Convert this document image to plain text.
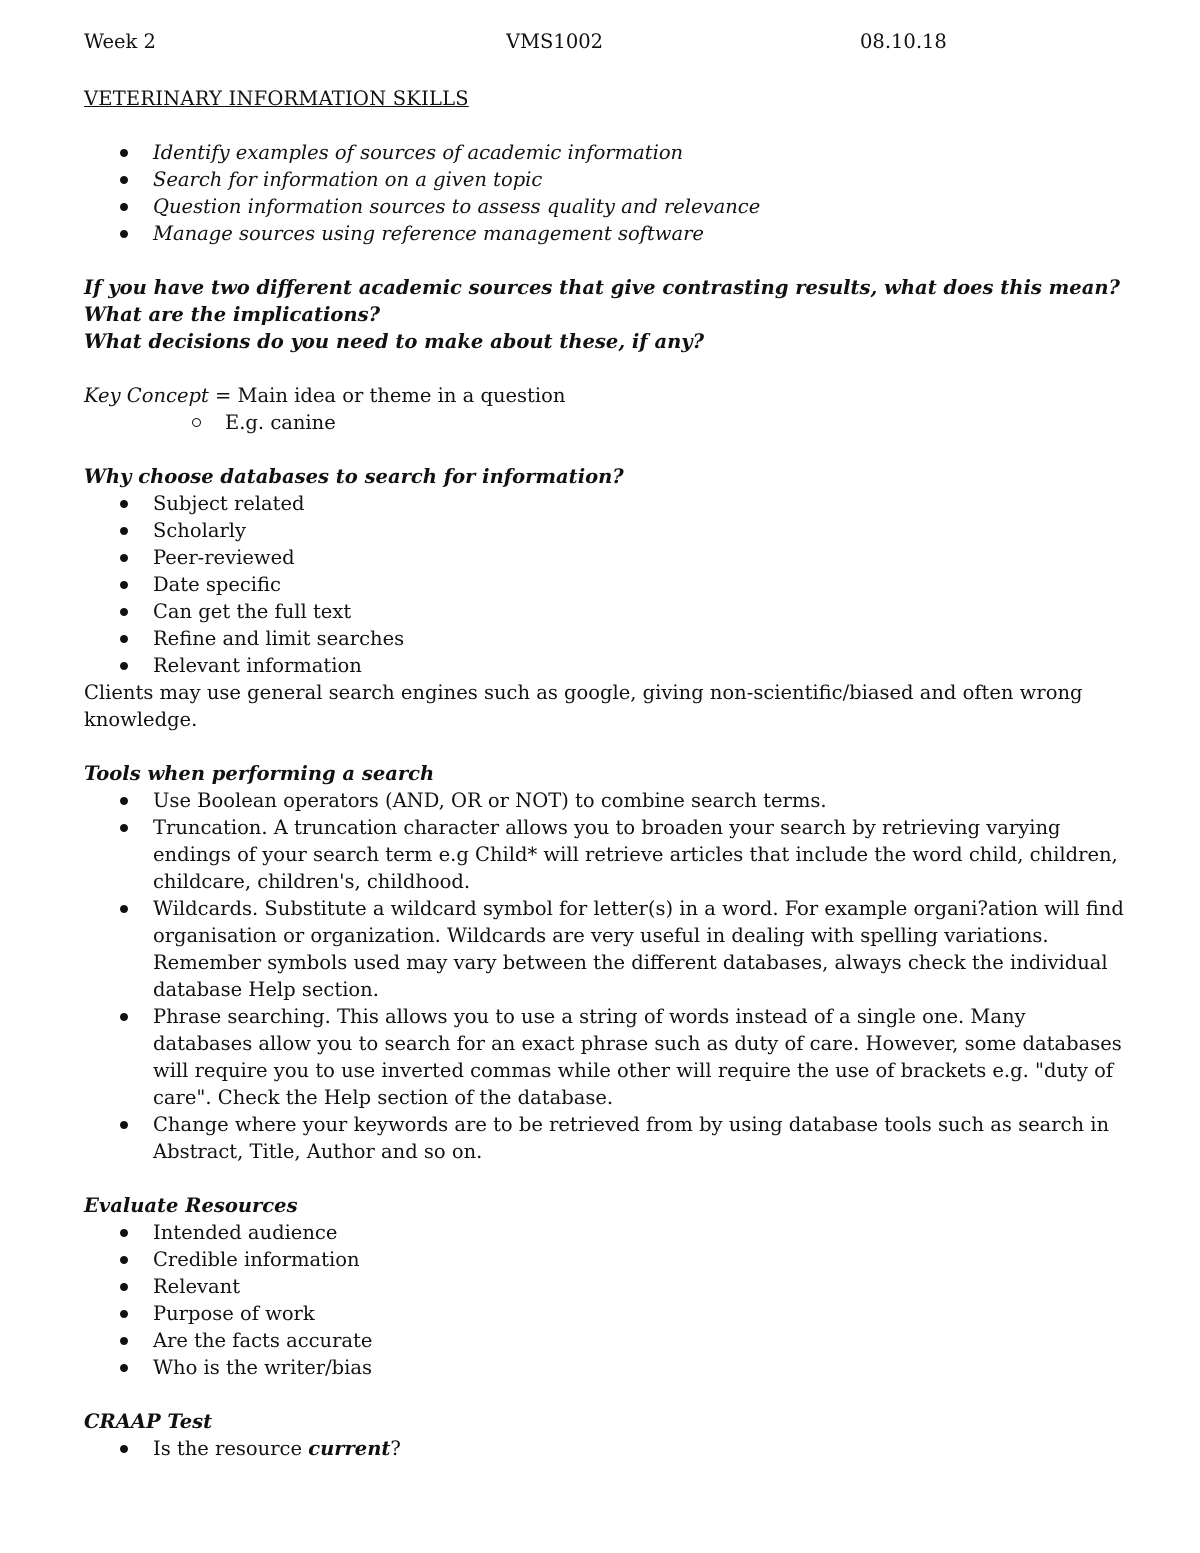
Week 2	VMS1002	08.10.18

VETERINARY INFORMATION SKILLS

Identify examples of sources of academic information
Search for information on a given topic
Question information sources to assess quality and relevance
Manage sources using reference management software

If you have two different academic sources that give contrasting results, what does this mean?

What are the implications?

What decisions do you need to make about these, if any?

Key Concept = Main idea or theme in a question

E.g. canine

Why choose databases to search for information?

Subject related
Scholarly
Peer-reviewed
Date specific
Can get the full text
Refine and limit searches
Relevant information

Clients may use general search engines such as google, giving non-scientific/biased and often wrong knowledge.

Tools when performing a search

Use Boolean operators (AND, OR or NOT) to combine search terms.
Truncation. A truncation character allows you to broaden your search by retrieving varying endings of your search term e.g Child* will retrieve articles that include the word child, children, childcare, children's, childhood.
Wildcards. Substitute a wildcard symbol for letter(s) in a word. For example organi?ation will find organisation or organization. Wildcards are very useful in dealing with spelling variations. Remember symbols used may vary between the different databases, always check the individual database Help section.
Phrase searching. This allows you to use a string of words instead of a single one. Many databases allow you to search for an exact phrase such as duty of care. However, some databases will require you to use inverted commas while other will require the use of brackets e.g. "duty of care". Check the Help section of the database.
Change where your keywords are to be retrieved from by using database tools such as search in Abstract, Title, Author and so on.

Evaluate Resources

Intended audience
Credible information
Relevant
Purpose of work
Are the facts accurate
Who is the writer/bias

CRAAP Test

Is the resource current?
